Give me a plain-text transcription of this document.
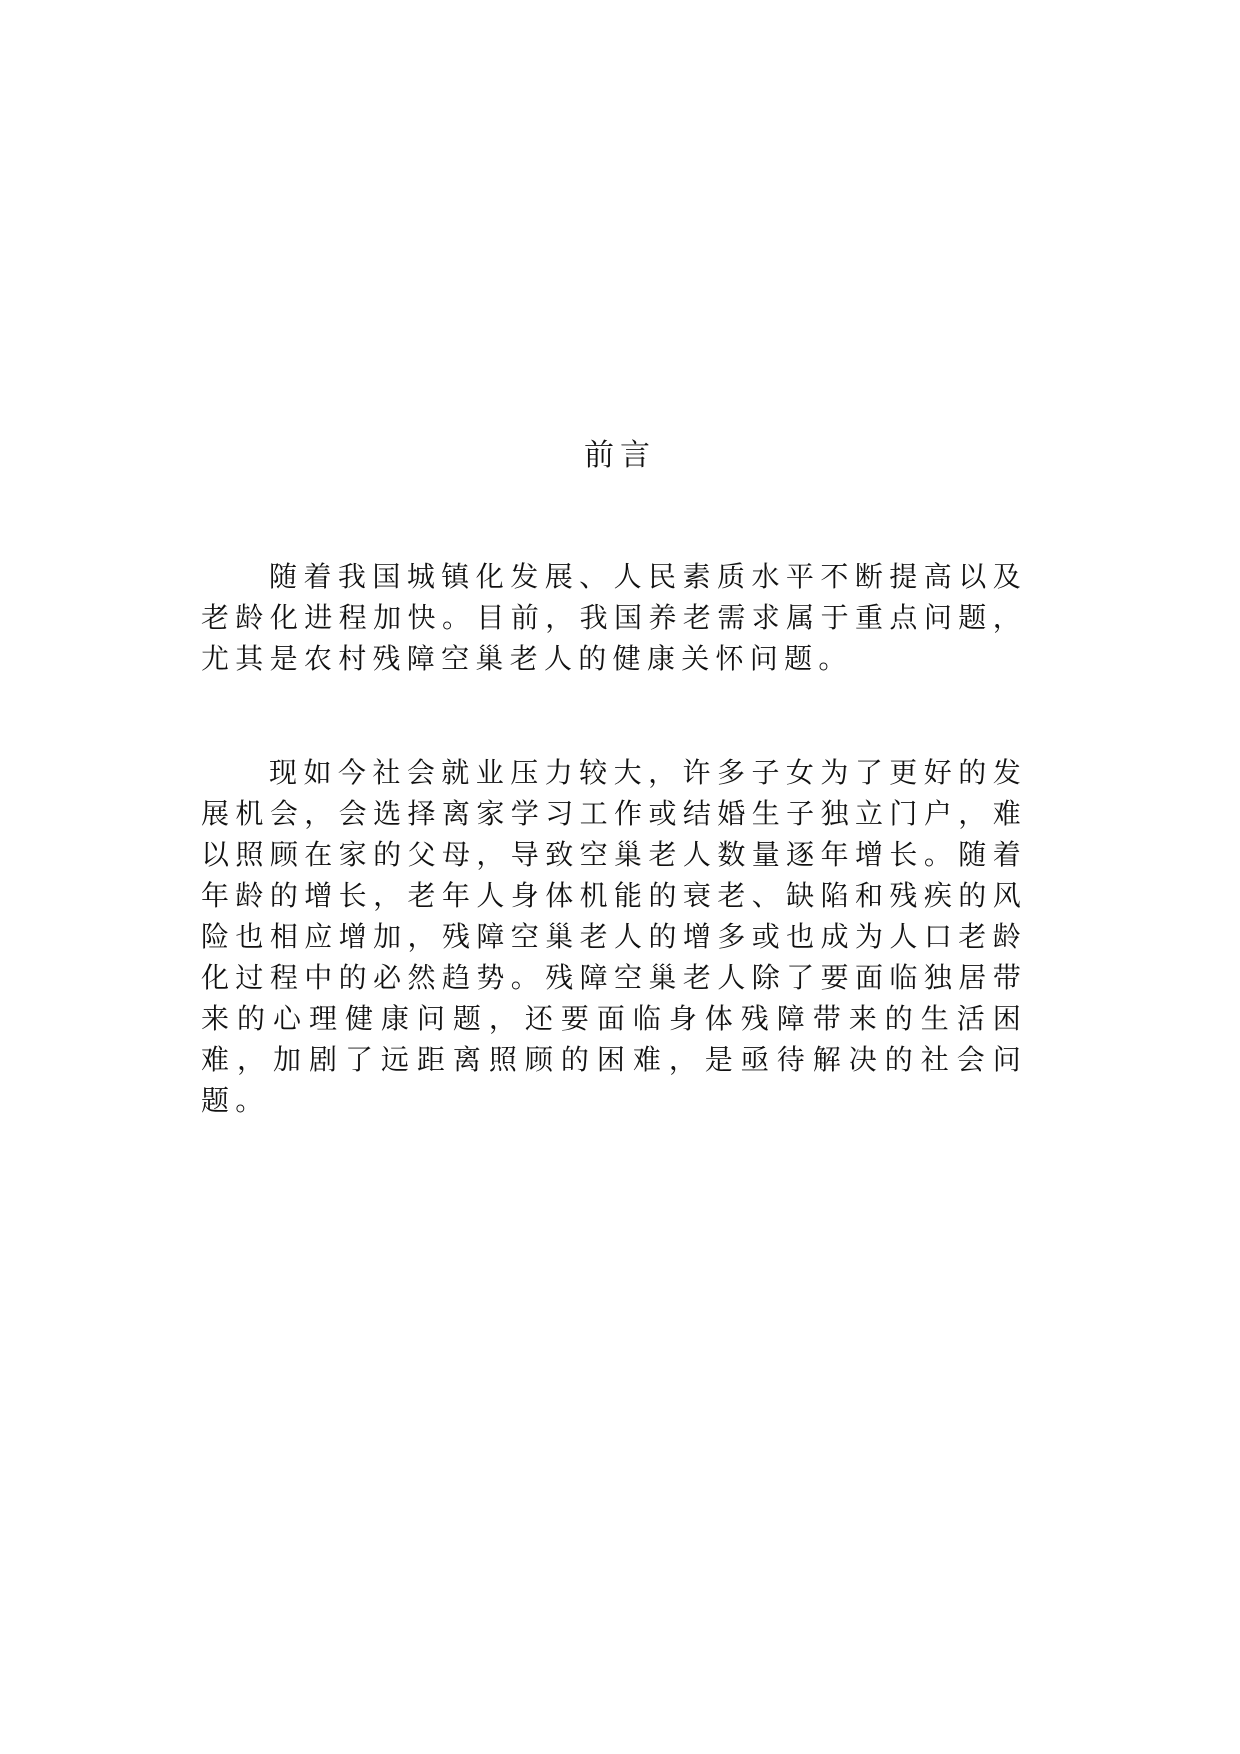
前言

随着我国城镇化发展、人民素质水平不断提高以及老龄化进程加快。目前，我国养老需求属于重点问题，尤其是农村残障空巢老人的健康关怀问题。

现如今社会就业压力较大，许多子女为了更好的发展机会，会选择离家学习工作或结婚生子独立门户，难以照顾在家的父母，导致空巢老人数量逐年增长。随着年龄的增长，老年人身体机能的衰老、缺陷和残疾的风险也相应增加，残障空巢老人的增多或也成为人口老龄化过程中的必然趋势。残障空巢老人除了要面临独居带来的心理健康问题，还要面临身体残障带来的生活困难，加剧了远距离照顾的困难，是亟待解决的社会问题。
